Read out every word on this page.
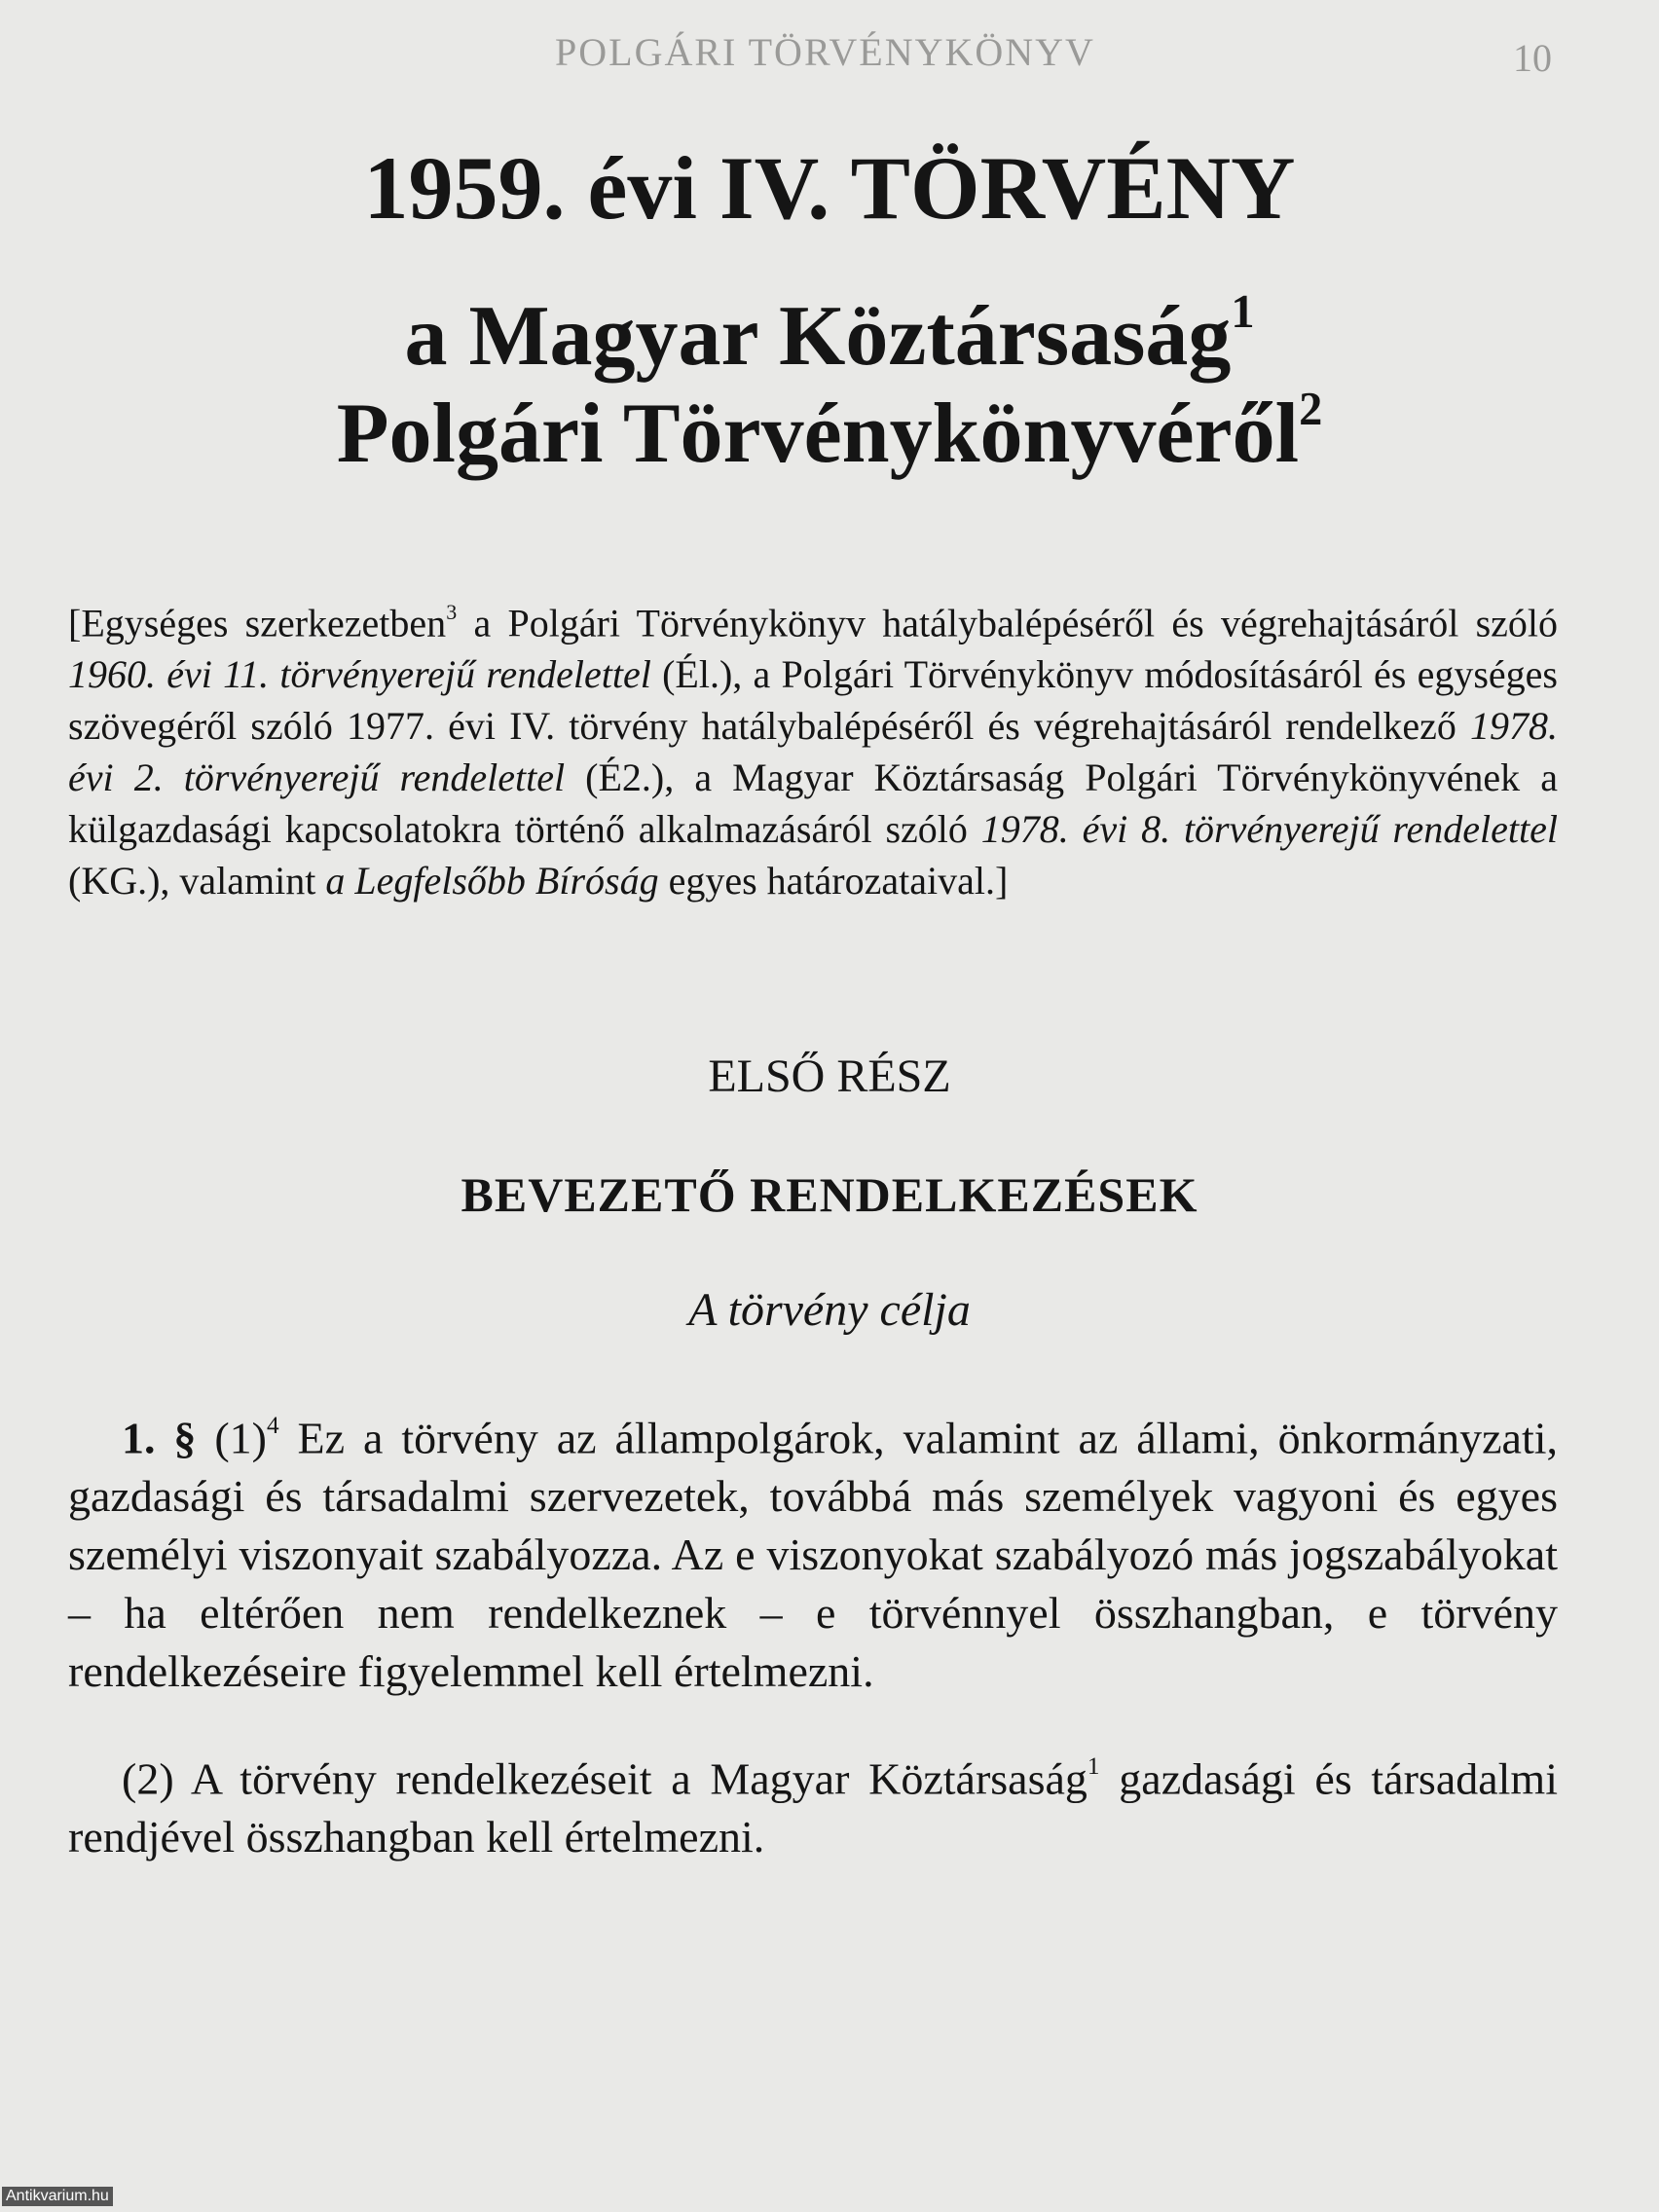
POLGÁRI TÖRVÉNYKÖNYV	10
1959. évi IV. TÖRVÉNY
a Magyar Köztársaság$^1$
Polgári Törvénykönyvéről$^2$
[Egységes szerkezetben$^3$ a Polgári Törvénykönyv hatálybalépéséről és végrehajtásáról szóló 1960. évi 11. törvényerejű rendelettel (Él.), a Polgári Törvénykönyv módosításáról és egységes szövegéről szóló 1977. évi IV. törvény hatálybalépéséről és végrehajtásáról rendelkező 1978. évi 2. törvényerejű rendelettel (É2.), a Magyar Köztársaság Polgári Törvénykönyvének a külgazdasági kapcsolatokra történő alkalmazásáról szóló 1978. évi 8. törvényerejű rendelettel (KG.), valamint a Legfelsőbb Bíróság egyes határozataival.]
ELSŐ RÉSZ
BEVEZETŐ RENDELKEZÉSEK
A törvény célja
1. § $(1)^4$ Ez a törvény az állampolgárok, valamint az állami, önkormányzati, gazdasági és társadalmi szervezetek, továbbá más személyek vagyoni és egyes személyi viszonyait szabályozza. Az e viszonyokat szabályozó más jogszabályokat – ha eltérően nem rendelkeznek – e törvénnyel összhangban, e törvény rendelkezéseire figyelemmel kell értelmezni.
(2) A törvény rendelkezéseit a Magyar Köztársaság$^1$ gazdasági és társadalmi rendjével összhangban kell értelmezni.
Antikvarium.hu
